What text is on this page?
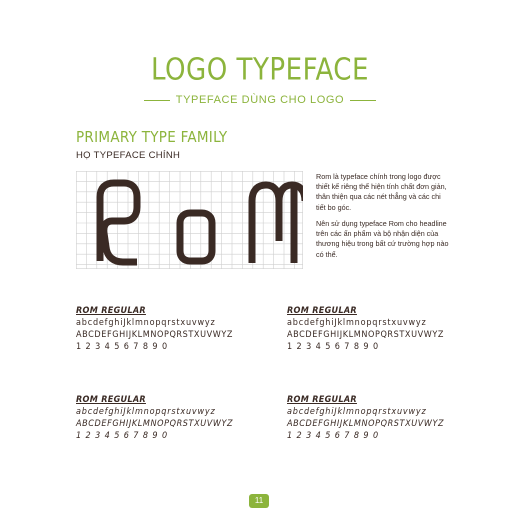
LOGO TYPEFACE
TYPEFACE DÙNG CHO LOGO
PRIMARY TYPE FAMILY
HỌ TYPEFACE CHÍNH
RoM
Rom là typeface chính trong logo được thiết kế riêng thể hiện tính chất đơn giản, thân thiện qua các nét thẳng và các chi tiết bo góc.
Nên sử dụng typeface Rom cho headline trên các ấn phẩm và bộ nhận diện của thương hiệu trong bất cứ trường hợp nào có thể.
ROM REGULAR
abcdefghiJklmnopqrstxuvwyz
ABCDEFGHIJKLMNOPQRSTXUVWYZ
1234567890
ROM REGULAR
abcdefghiJklmnopqrstxuvwyz
ABCDEFGHIJKLMNOPQRSTXUVWYZ
1234567890
ROM REGULAR
abcdefghiJklmnopqrstxuvwyz
ABCDEFGHIJKLMNOPQRSTXUVWYZ
1234567890
ROM REGULAR
abcdefghiJklmnopqrstxuvwyz
ABCDEFGHIJKLMNOPQRSTXUVWYZ
1234567890
11
